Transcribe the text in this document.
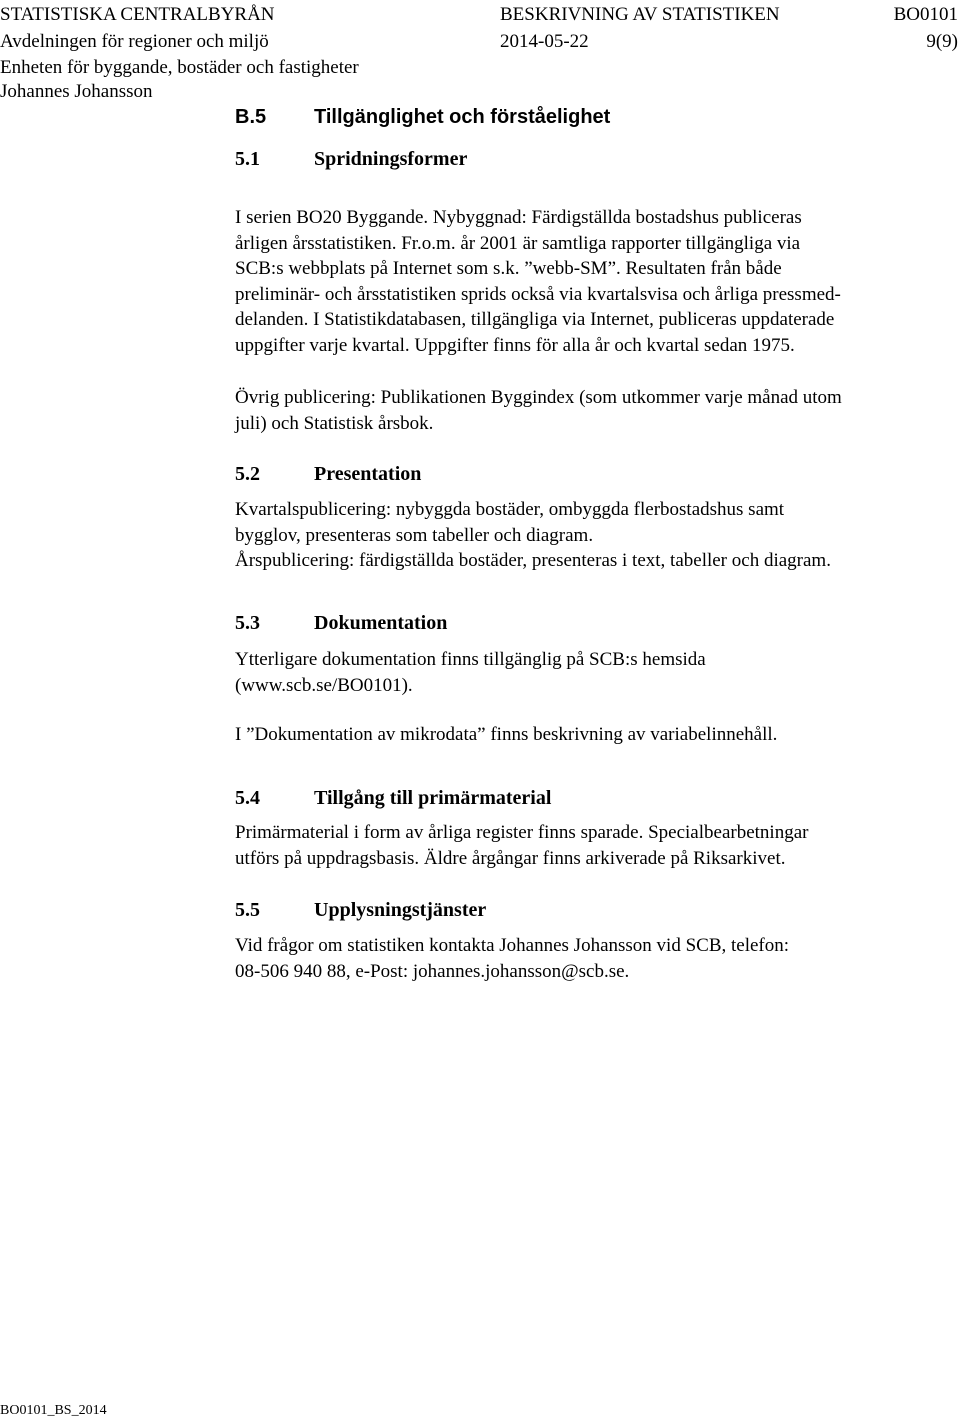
STATISTISKA CENTRALBYRÅN
Avdelningen för regioner och miljö
Enheten för byggande, bostäder och fastigheter
Johannes Johansson
BESKRIVNING AV STATISTIKEN
2014-05-22
BO0101
9(9)
B.5 Tillgänglighet och förståelighet
5.1	Spridningsformer
I serien BO20 Byggande. Nybyggnad: Färdigställda bostadshus publiceras
årligen årsstatistiken. Fr.o.m. år 2001 är samtliga rapporter tillgängliga via
SCB:s webbplats på Internet som s.k. ”webb-SM”. Resultaten från både
preliminär- och årsstatistiken sprids också via kvartalsvisa och årliga pressmed-
delanden. I Statistikdatabasen, tillgängliga via Internet, publiceras uppdaterade
uppgifter varje kvartal. Uppgifter finns för alla år och kvartal sedan 1975.
Övrig publicering: Publikationen Byggindex (som utkommer varje månad utom
juli) och Statistisk årsbok.
5.2	Presentation
Kvartalspublicering: nybyggda bostäder, ombyggda flerbostadshus samt
bygglov, presenteras som tabeller och diagram.
Årspublicering: färdigställda bostäder, presenteras i text, tabeller och diagram.
5.3	Dokumentation
Ytterligare dokumentation finns tillgänglig på SCB:s hemsida
(www.scb.se/BO0101).
I ”Dokumentation av mikrodata” finns beskrivning av variabelinnehåll.
5.4	Tillgång till primärmaterial
Primärmaterial i form av årliga register finns sparade. Specialbearbetningar
utförs på uppdragsbasis. Äldre årgångar finns arkiverade på Riksarkivet.
5.5	Upplysningstjänster
Vid frågor om statistiken kontakta Johannes Johansson vid SCB, telefon:
08-506 940 88, e-Post: johannes.johansson@scb.se.
BO0101_BS_2014
